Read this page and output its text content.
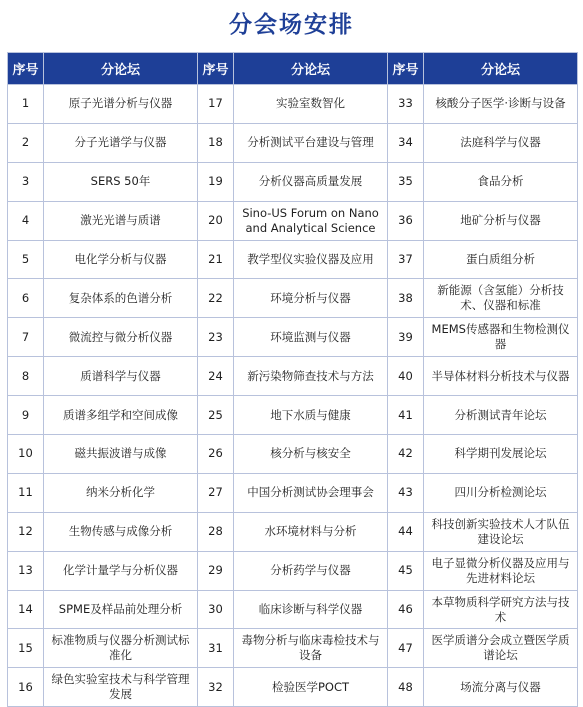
分会场安排
序号	分论坛	序号	分论坛	序号	分论坛
1	原子光谱分析与仪器	17	实验室数智化	33	核酸分子医学·诊断与设备
2	分子光谱学与仪器	18	分析测试平台建设与管理	34	法庭科学与仪器
3	SERS 50年	19	分析仪器高质量发展	35	食品分析
4	激光光谱与质谱	20	Sino-US Forum on Nano and Analytical Science	36	地矿分析与仪器
5	电化学分析与仪器	21	教学型仪实验仪器及应用	37	蛋白质组分析
6	复杂体系的色谱分析	22	环境分析与仪器	38	新能源（含氢能）分析技术、仪器和标准
7	微流控与微分析仪器	23	环境监测与仪器	39	MEMS传感器和生物检测仪器
8	质谱科学与仪器	24	新污染物筛查技术与方法	40	半导体材料分析技术与仪器
9	质谱多组学和空间成像	25	地下水质与健康	41	分析测试青年论坛
10	磁共振波谱与成像	26	核分析与核安全	42	科学期刊发展论坛
11	纳米分析化学	27	中国分析测试协会理事会	43	四川分析检测论坛
12	生物传感与成像分析	28	水环境材料与分析	44	科技创新实验技术人才队伍建设论坛
13	化学计量学与分析仪器	29	分析药学与仪器	45	电子显微分析仪器及应用与先进材料论坛
14	SPME及样品前处理分析	30	临床诊断与科学仪器	46	本草物质科学研究方法与技术
15	标准物质与仪器分析测试标准化	31	毒物分析与临床毒检技术与设备	47	医学质谱分会成立暨医学质谱论坛
16	绿色实验室技术与科学管理发展	32	检验医学POCT	48	场流分离与仪器
